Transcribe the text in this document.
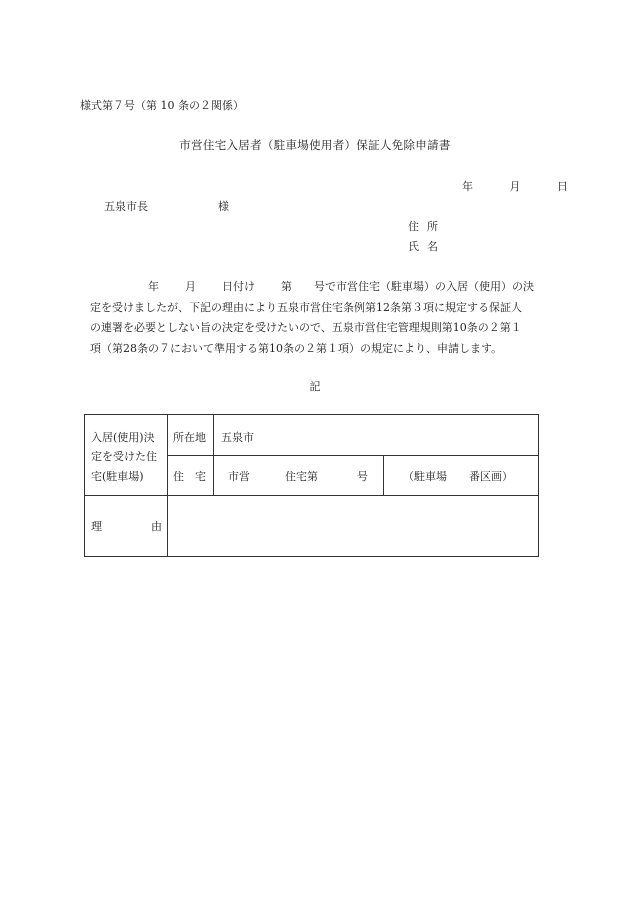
様式第７号（第 10 条の２関係）
市営住宅入居者（駐車場使用者）保証人免除申請書
年	月	日
五泉市長	様
住所
氏名
年 月 日付け 第 号で市営住宅（駐車場）の入居（使用）の決
定を受けましたが、下記の理由により五泉市営住宅条例第12条第３項に規定する保証人
の連署を必要としない旨の決定を受けたいので、五泉市営住宅管理規則第10条の２第１
項（第28条の７において準用する第10条の２第１項）の規定により、申請します。
記
入居(使用)決
定を受けた住
宅(駐車場)
所在地 五泉市
住　宅 市営	住宅第	号	（駐車場 番区画）
理	由
